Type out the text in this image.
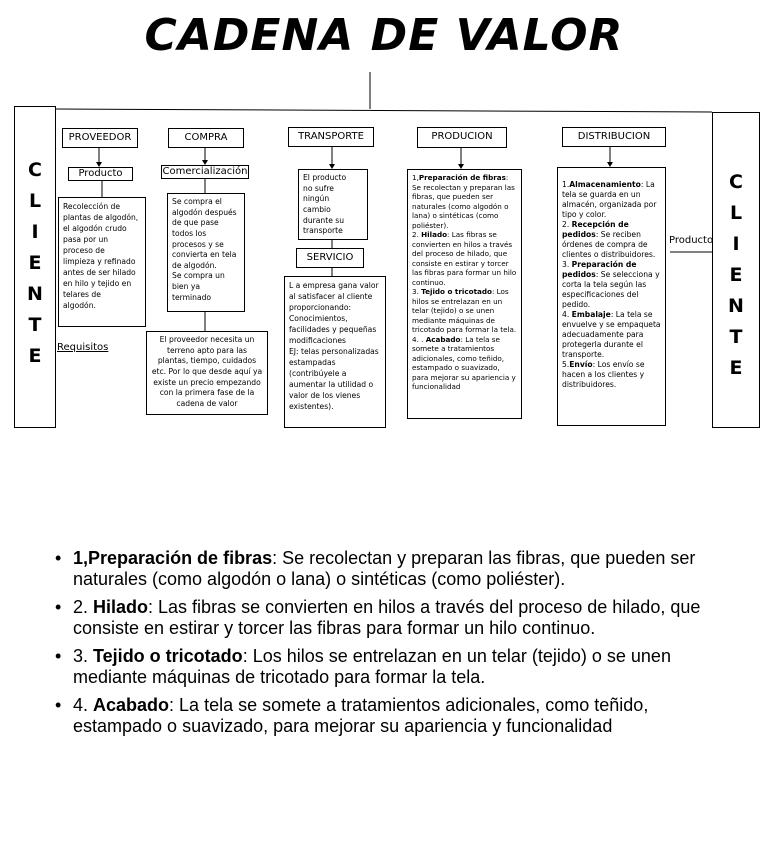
CADENA DE VALOR
C
L
I
E
N
T
E
C
L
I
E
N
T
E
PROVEEDOR	COMPRA	TRANSPORTE	PRODUCION	DISTRIBUCION
Producto	Comercialización
SERVICIO
Recolección de
plantas de algodón,
el algodón crudo
pasa por un
proceso de
limpieza y refinado
antes de ser hilado
en hilo y tejido en
telares de
algodón.
El proveedor necesita un terreno apto para las plantas, tiempo, cuidados etc. Por lo que desde aquí ya existe un precio empezando con la primera fase de la cadena de valor
Se compra el
algodón después
de que pase
todos los
procesos y se
convierta en tela
de algodón.
Se compra un
bien ya
terminado
El producto
no sufre
ningún
cambio
durante su
transporte
L a empresa gana valor al satisfacer al cliente proporcionando:
Conocimientos, facilidades y pequeñas modificaciones
EJ: telas personalizadas estampadas (contribúyele a aumentar la utilidad o valor de los vienes existentes).
1,Preparación de fibras: Se recolectan y preparan las fibras, que pueden ser naturales (como algodón o lana) o sintéticas (como poliéster).
2. Hilado: Las fibras se convierten en hilos a través del proceso de hilado, que consiste en estirar y torcer las fibras para formar un hilo continuo.
3. Tejido o tricotado: Los hilos se entrelazan en un telar (tejido) o se unen mediante máquinas de tricotado para formar la tela.
4. . Acabado: La tela se somete a tratamientos adicionales, como teñido, estampado o suavizado, para mejorar su apariencia y funcionalidad
1.Almacenamiento: La tela se guarda en un almacén, organizada por tipo y color.
2. Recepción de pedidos: Se reciben órdenes de compra de clientes o distribuidores.
3. Preparación de pedidos: Se selecciona y corta la tela según las especificaciones del pedido.
4. Embalaje: La tela se envuelve y se empaqueta adecuadamente para protegerla durante el transporte.
5.Envío: Los envío se hacen a los clientes y distribuidores.
Requisitos
Producto
• 1,Preparación de fibras: Se recolectan y preparan las fibras, que pueden ser naturales (como algodón o lana) o sintéticas (como poliéster).
• 2. Hilado: Las fibras se convierten en hilos a través del proceso de hilado, que consiste en estirar y torcer las fibras para formar un hilo continuo.
• 3. Tejido o tricotado: Los hilos se entrelazan en un telar (tejido) o se unen mediante máquinas de tricotado para formar la tela.
• 4. Acabado: La tela se somete a tratamientos adicionales, como teñido, estampado o suavizado, para mejorar su apariencia y funcionalidad
